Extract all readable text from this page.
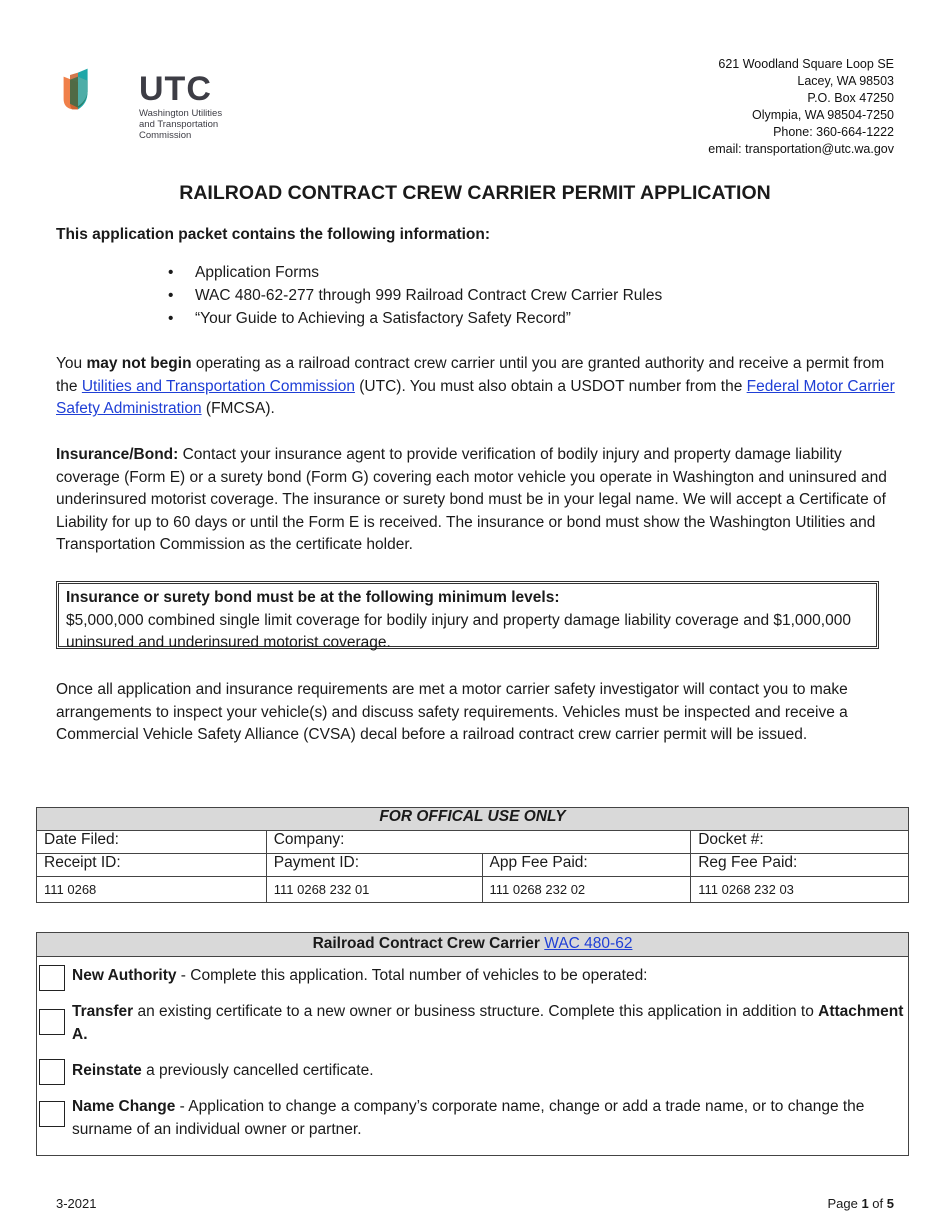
UTC
Washington Utilities
and Transportation
Commission
621 Woodland Square Loop SE
Lacey, WA 98503
P.O. Box 47250
Olympia, WA 98504-7250
Phone: 360-664-1222
email: transportation@utc.wa.gov
RAILROAD CONTRACT CREW CARRIER PERMIT APPLICATION
This application packet contains the following information:
•	Application Forms
•	WAC 480-62-277 through 999 Railroad Contract Crew Carrier Rules
•	“Your Guide to Achieving a Satisfactory Safety Record”
You may not begin operating as a railroad contract crew carrier until you are granted authority and receive a permit from the Utilities and Transportation Commission (UTC). You must also obtain a USDOT number from the Federal Motor Carrier Safety Administration (FMCSA).
Insurance/Bond: Contact your insurance agent to provide verification of bodily injury and property damage liability coverage (Form E) or a surety bond (Form G) covering each motor vehicle you operate in Washington and uninsured and underinsured motorist coverage. The insurance or surety bond must be in your legal name. We will accept a Certificate of Liability for up to 60 days or until the Form E is received. The insurance or bond must show the Washington Utilities and Transportation Commission as the certificate holder.
Insurance or surety bond must be at the following minimum levels:
$5,000,000 combined single limit coverage for bodily injury and property damage liability coverage and $1,000,000 uninsured and underinsured motorist coverage.
Once all application and insurance requirements are met a motor carrier safety investigator will contact you to make arrangements to inspect your vehicle(s) and discuss safety requirements. Vehicles must be inspected and receive a Commercial Vehicle Safety Alliance (CVSA) decal before a railroad contract crew carrier permit will be issued.
FOR OFFICAL USE ONLY			
Date Filed:	Company:		Docket #:
Receipt ID:	Payment ID:	App Fee Paid:	Reg Fee Paid:
111 0268	111 0268 232 01	111 0268 232 02	111 0268 232 03
Railroad Contract Crew Carrier WAC 480-62
New Authority - Complete this application. Total number of vehicles to be operated:
Transfer an existing certificate to a new owner or business structure. Complete this application in addition to Attachment A.
Reinstate a previously cancelled certificate.
Name Change - Application to change a company’s corporate name, change or add a trade name, or to change the surname of an individual owner or partner.
3-2021	Page 1 of 5
